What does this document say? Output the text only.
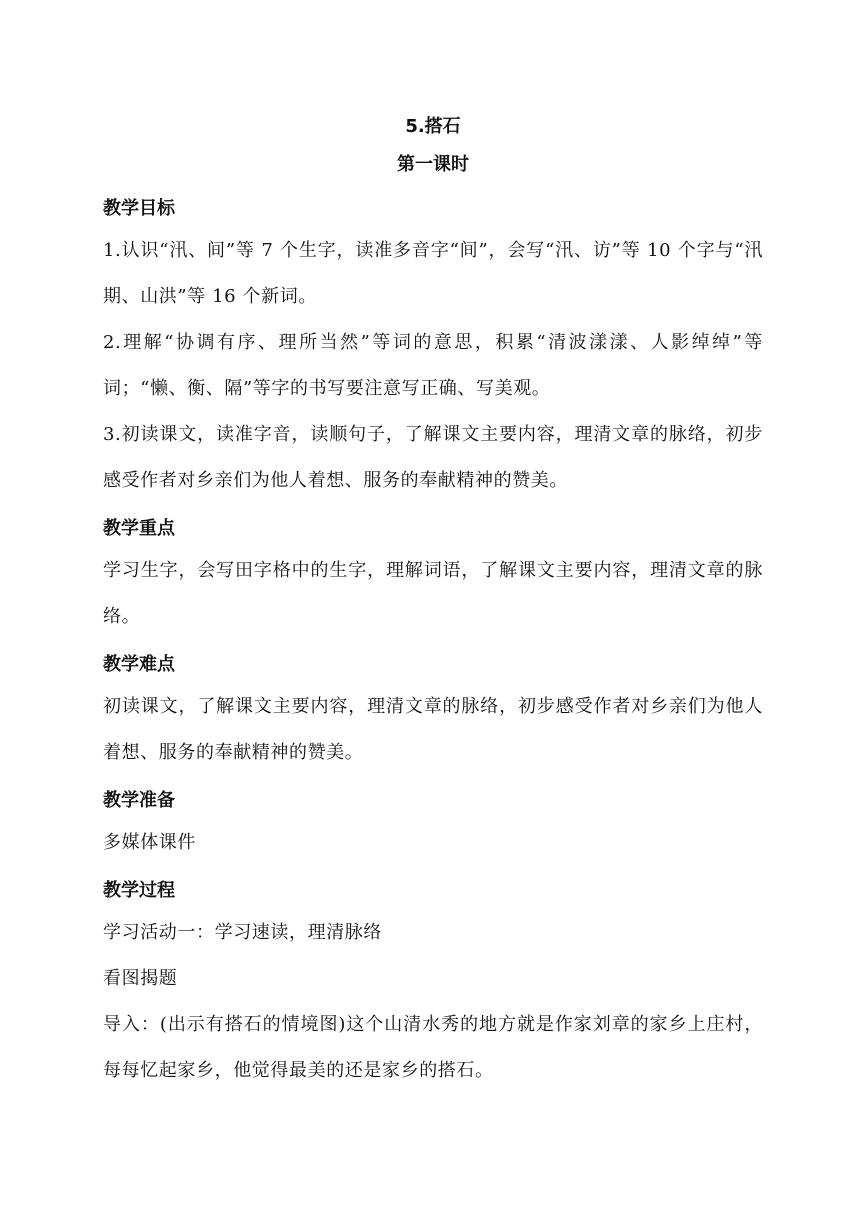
5.搭石
第一课时
教学目标

1.认识“汛、间”等 7 个生字，读准多音字“间”，会写“汛、访”等 10 个字与“汛期、山洪”等 16 个新词。

2.理解“协调有序、理所当然”等词的意思，积累“清波漾漾、人影绰绰”等词；“懒、衡、隔”等字的书写要注意写正确、写美观。

3.初读课文，读准字音，读顺句子，了解课文主要内容，理清文章的脉络，初步感受作者对乡亲们为他人着想、服务的奉献精神的赞美。

教学重点

学习生字，会写田字格中的生字，理解词语，了解课文主要内容，理清文章的脉络。

教学难点

初读课文，了解课文主要内容，理清文章的脉络，初步感受作者对乡亲们为他人着想、服务的奉献精神的赞美。

教学准备

多媒体课件

教学过程

学习活动一：学习速读，理清脉络

看图揭题

导入：(出示有搭石的情境图)这个山清水秀的地方就是作家刘章的家乡上庄村，每每忆起家乡，他觉得最美的还是家乡的搭石。
